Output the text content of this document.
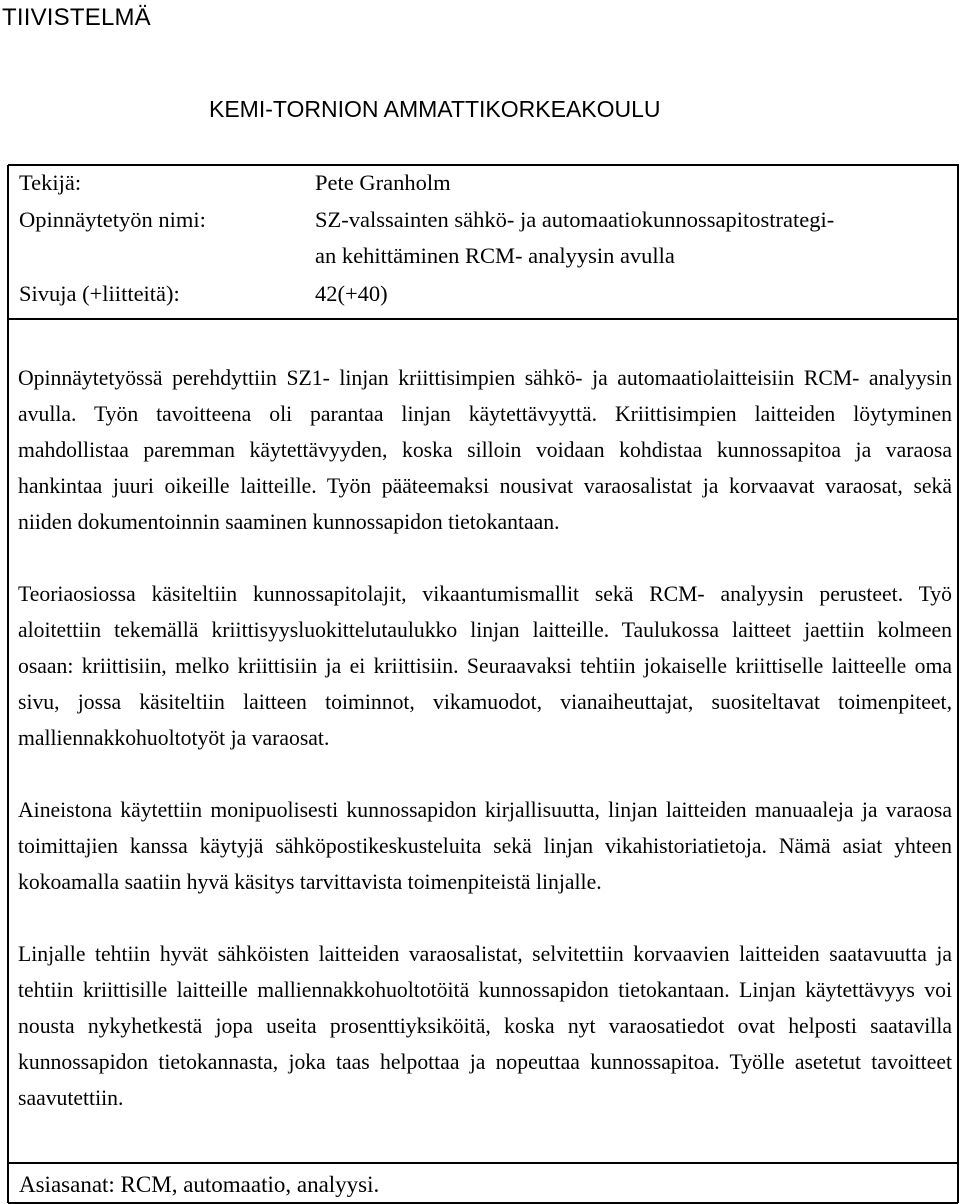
TIIVISTELMÄ
KEMI-TORNION AMMATTIKORKEAKOULU
Tekijä:	Pete Granholm
Opinnäytetyön nimi:	SZ-valssainten sähkö- ja automaatiokunnossapitostrategi-
an kehittäminen RCM- analyysin avulla
Sivuja (+liitteitä):	42(+40)

Opinnäytetyössä perehdyttiin SZ1- linjan kriittisimpien sähkö- ja automaatiolaitteisiin RCM- analyysin avulla. Työn tavoitteena oli parantaa linjan käytettävyyttä. Kriittisimpien laitteiden löytyminen mahdollistaa paremman käytettävyyden, koska silloin voidaan kohdistaa kunnossapitoa ja varaosa hankintaa juuri oikeille laitteille. Työn pääteemaksi nousivat varaosalistat ja korvaavat varaosat, sekä niiden dokumentoinnin saaminen kunnossapidon tietokantaan.

Teoriaosiossa käsiteltiin kunnossapitolajit, vikaantumismallit sekä RCM- analyysin perusteet. Työ aloitettiin tekemällä kriittisyysluokittelutaulukko linjan laitteille. Taulukossa laitteet jaettiin kolmeen osaan: kriittisiin, melko kriittisiin ja ei kriittisiin. Seuraavaksi tehtiin jokaiselle kriittiselle laitteelle oma sivu, jossa käsiteltiin laitteen toiminnot, vikamuodot, vianaiheuttajat, suositeltavat toimenpiteet, malliennakkohuoltotyöt ja varaosat.

Aineistona käytettiin monipuolisesti kunnossapidon kirjallisuutta, linjan laitteiden manuaaleja ja varaosa toimittajien kanssa käytyjä sähköpostikeskusteluita sekä linjan vikahistoriatietoja. Nämä asiat yhteen kokoamalla saatiin hyvä käsitys tarvittavista toimenpiteistä linjalle.

Linjalle tehtiin hyvät sähköisten laitteiden varaosalistat, selvitettiin korvaavien laitteiden saatavuutta ja tehtiin kriittisille laitteille malliennakkohuoltotöitä kunnossapidon tietokantaan. Linjan käytettävyys voi nousta nykyhetkestä jopa useita prosenttiyksiköitä, koska nyt varaosatiedot ovat helposti saatavilla kunnossapidon tietokannasta, joka taas helpottaa ja nopeuttaa kunnossapitoa. Työlle asetetut tavoitteet saavutettiin.

Asiasanat: RCM, automaatio, analyysi.
